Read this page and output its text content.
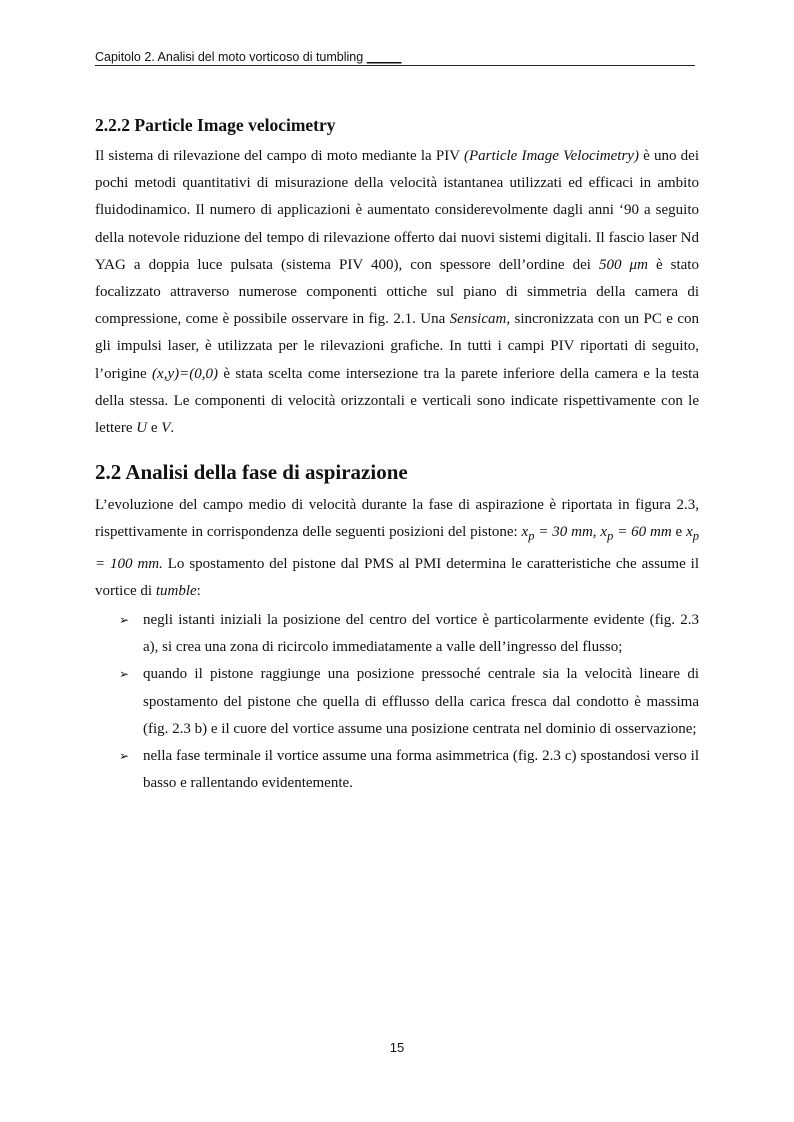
Capitolo 2. Analisi del moto vorticoso di tumbling _____
2.2.2 Particle Image velocimetry

Il sistema di rilevazione del campo di moto mediante la PIV (Particle Image Velocimetry) è uno dei pochi metodi quantitativi di misurazione della velocità istantanea utilizzati ed efficaci in ambito fluidodinamico. Il numero di applicazioni è aumentato considerevolmente dagli anni ‘90 a seguito della notevole riduzione del tempo di rilevazione offerto dai nuovi sistemi digitali. Il fascio laser Nd YAG a doppia luce pulsata (sistema PIV 400), con spessore dell’ordine dei 500 μm è stato focalizzato attraverso numerose componenti ottiche sul piano di simmetria della camera di compressione, come è possibile osservare in fig. 2.1. Una Sensicam, sincronizzata con un PC e con gli impulsi laser, è utilizzata per le rilevazioni grafiche. In tutti i campi PIV riportati di seguito, l’origine (x,y)=(0,0) è stata scelta come intersezione tra la parete inferiore della camera e la testa della stessa. Le componenti di velocità orizzontali e verticali sono indicate rispettivamente con le lettere U e V.

2.2 Analisi della fase di aspirazione

L’evoluzione del campo medio di velocità durante la fase di aspirazione è riportata in figura 2.3, rispettivamente in corrispondenza delle seguenti posizioni del pistone: $x_p = 30$ mm, $x_p = 60$ mm e $x_p = 100$ mm. Lo spostamento del pistone dal PMS al PMI determina le caratteristiche che assume il vortice di tumble:

➢ negli istanti iniziali la posizione del centro del vortice è particolarmente evidente (fig. 2.3 a), si crea una zona di ricircolo immediatamente a valle dell’ingresso del flusso;
➢ quando il pistone raggiunge una posizione pressoché centrale sia la velocità lineare di spostamento del pistone che quella di efflusso della carica fresca dal condotto è massima (fig. 2.3 b) e il cuore del vortice assume una posizione centrata nel dominio di osservazione;
➢ nella fase terminale il vortice assume una forma asimmetrica (fig. 2.3 c) spostandosi verso il basso e rallentando evidentemente.
15
